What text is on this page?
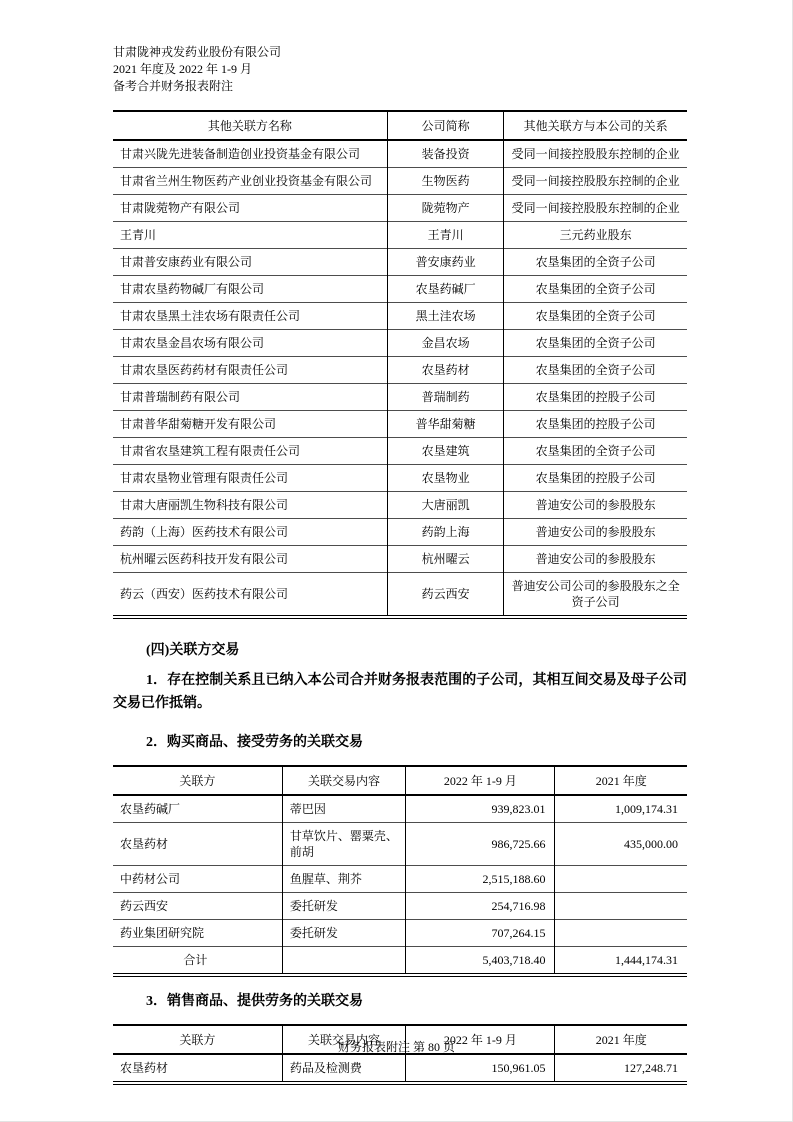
甘肃陇神戎发药业股份有限公司
2021 年度及 2022 年 1-9 月
备考合并财务报表附注
其他关联方名称	公司简称	其他关联方与本公司的关系
甘肃兴陇先进装备制造创业投资基金有限公司	装备投资	受同一间接控股股东控制的企业
甘肃省兰州生物医药产业创业投资基金有限公司	生物医药	受同一间接控股股东控制的企业
甘肃陇菀物产有限公司	陇菀物产	受同一间接控股股东控制的企业
王青川	王青川	三元药业股东
甘肃普安康药业有限公司	普安康药业	农垦集团的全资子公司
甘肃农垦药物碱厂有限公司	农垦药碱厂	农垦集团的全资子公司
甘肃农垦黑土洼农场有限责任公司	黑土洼农场	农垦集团的全资子公司
甘肃农垦金昌农场有限公司	金昌农场	农垦集团的全资子公司
甘肃农垦医药药材有限责任公司	农垦药材	农垦集团的全资子公司
甘肃普瑞制药有限公司	普瑞制药	农垦集团的控股子公司
甘肃普华甜菊糖开发有限公司	普华甜菊糖	农垦集团的控股子公司
甘肃省农垦建筑工程有限责任公司	农垦建筑	农垦集团的全资子公司
甘肃农垦物业管理有限责任公司	农垦物业	农垦集团的控股子公司
甘肃大唐丽凯生物科技有限公司	大唐丽凯	普迪安公司的参股股东
药韵（上海）医药技术有限公司	药韵上海	普迪安公司的参股股东
杭州曜云医药科技开发有限公司	杭州曜云	普迪安公司的参股股东
药云（西安）医药技术有限公司	药云西安	普迪安公司公司的参股股东之全资子公司
(四)关联方交易

1．存在控制关系且已纳入本公司合并财务报表范围的子公司，其相互间交易及母子公司交易已作抵销。

2．购买商品、接受劳务的关联交易
关联方	关联交易内容	2022 年 1-9 月	2021 年度
农垦药碱厂	蒂巴因	939,823.01	1,009,174.31
农垦药材	甘草饮片、罂粟壳、前胡	986,725.66	435,000.00
中药材公司	鱼腥草、荆芥	2,515,188.60	
药云西安	委托研发	254,716.98	
药业集团研究院	委托研发	707,264.15	
合计		5,403,718.40	1,444,174.31
3．销售商品、提供劳务的关联交易
关联方	关联交易内容	2022 年 1-9 月	2021 年度
农垦药材	药品及检测费	150,961.05	127,248.71
财务报表附注 第 80 页
